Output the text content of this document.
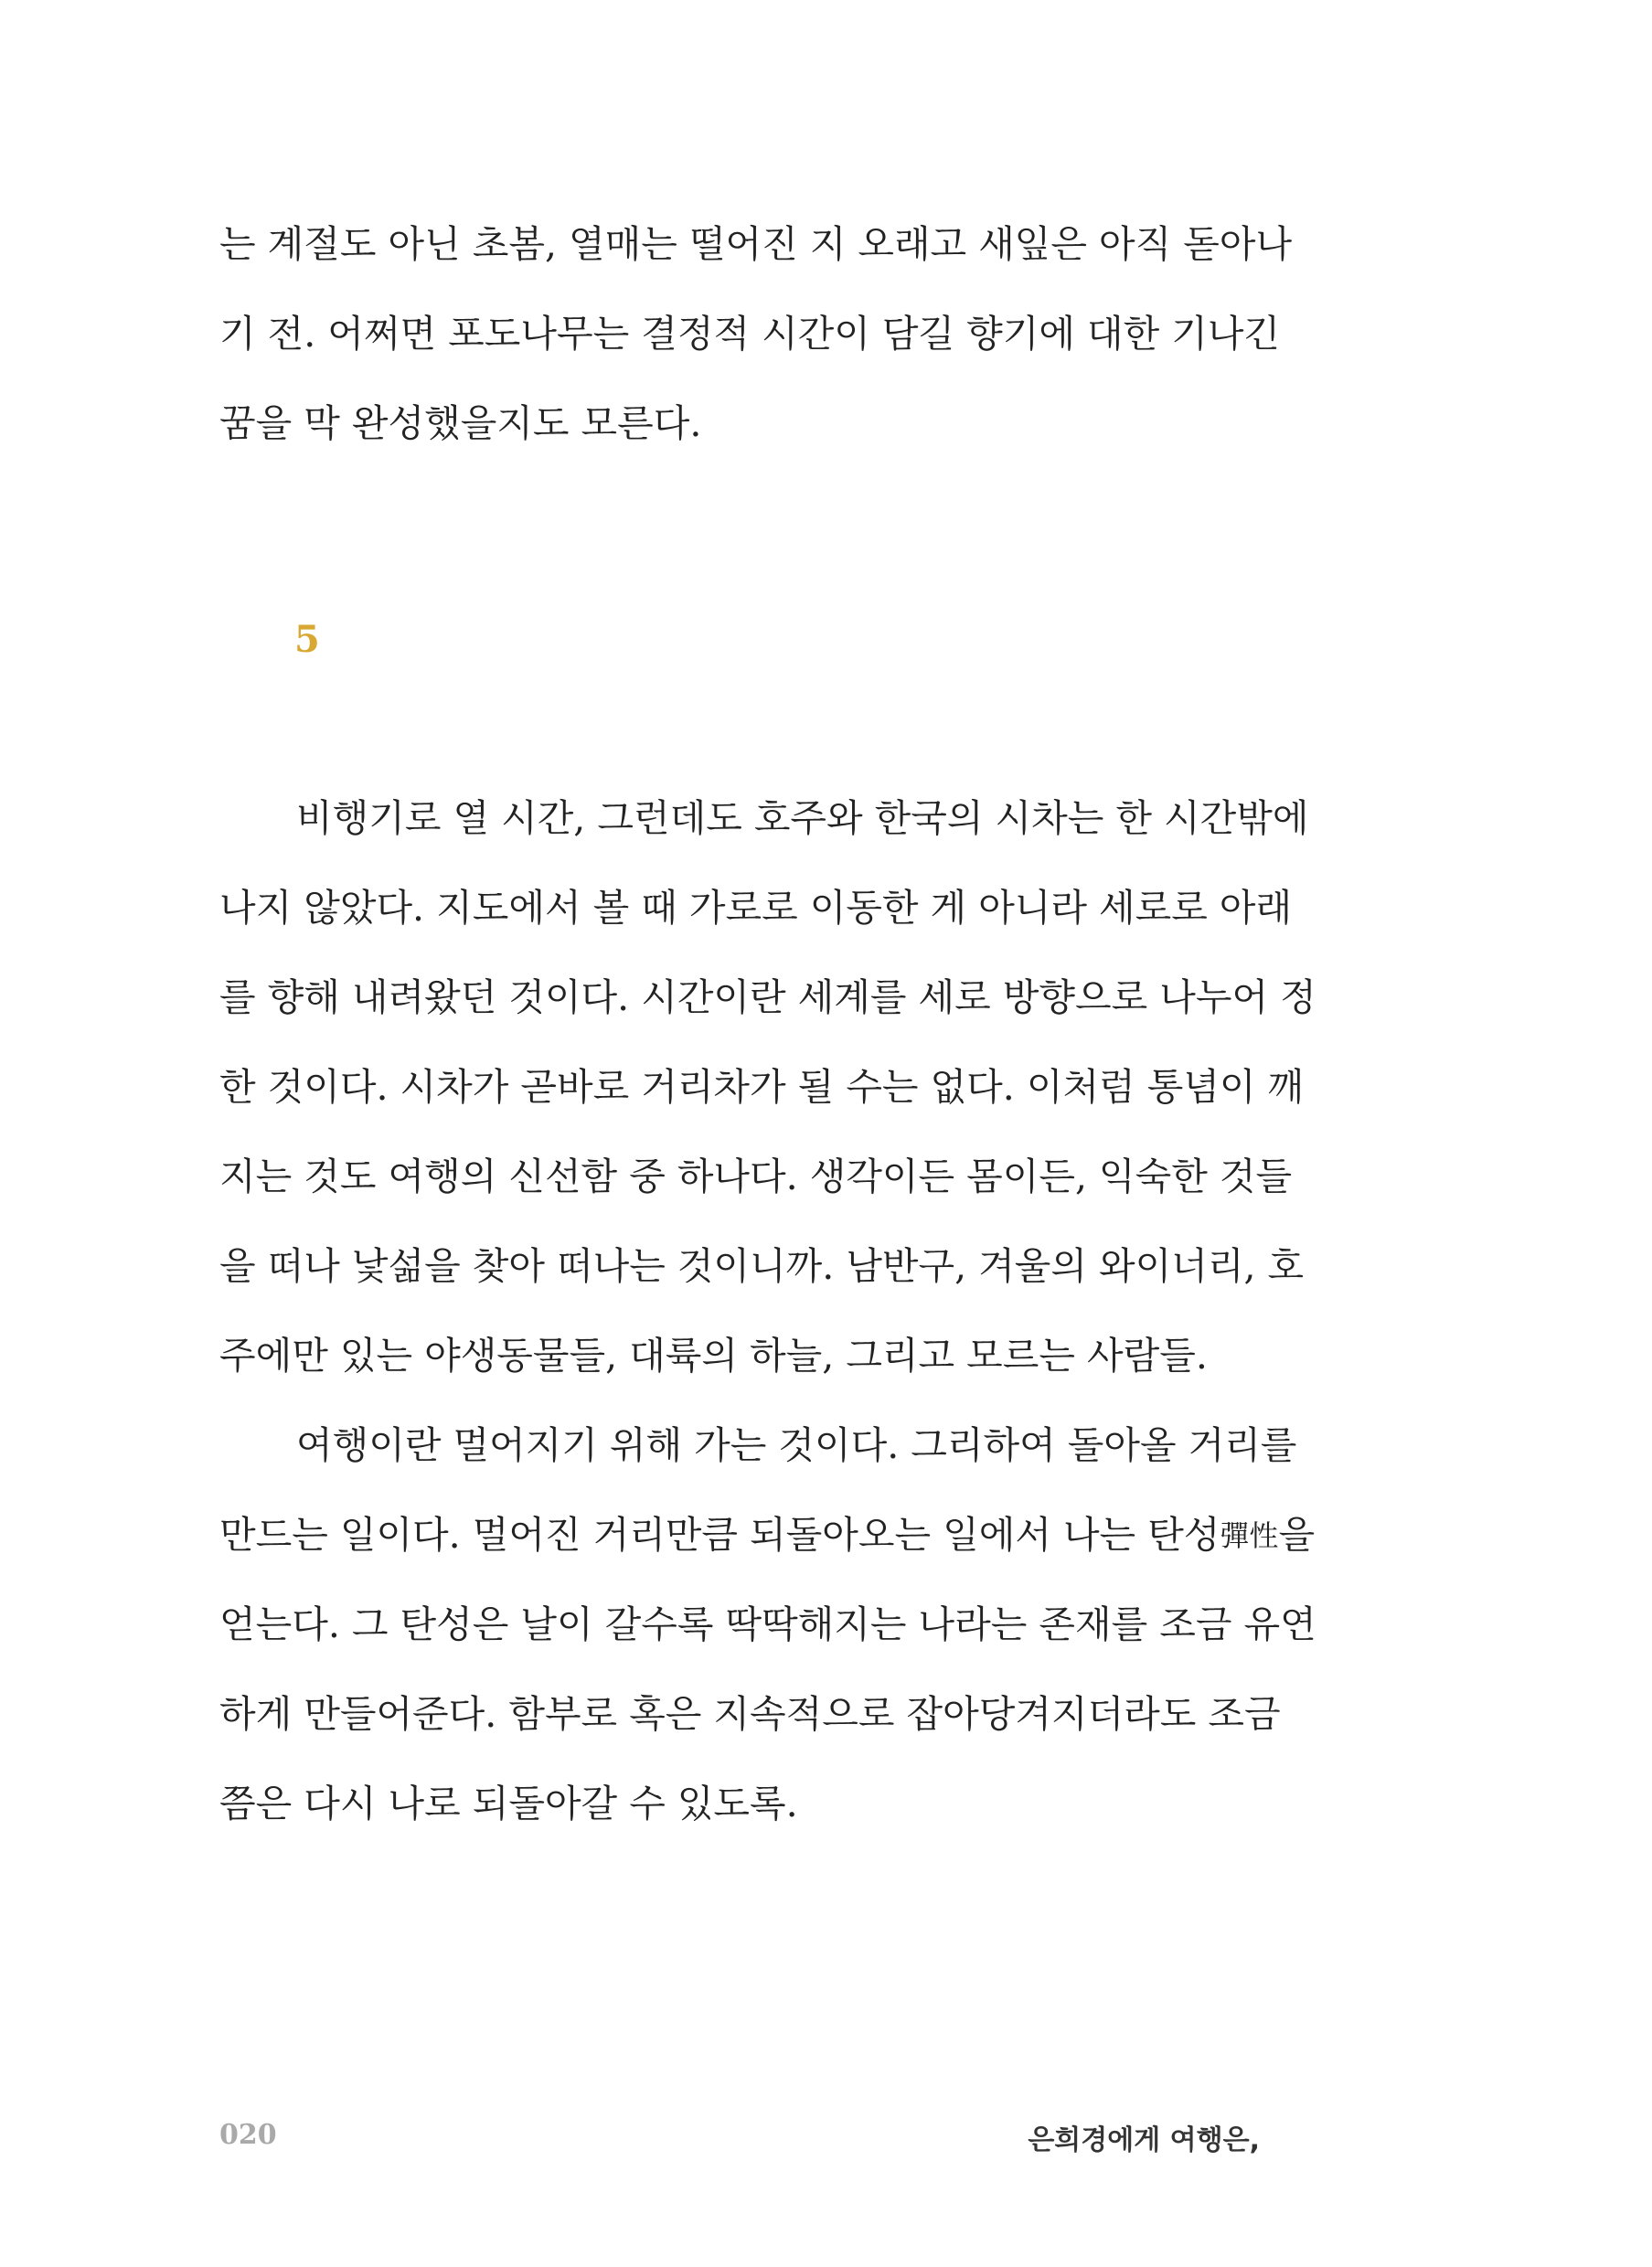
는 계절도 아닌 초봄, 열매는 떨어진 지 오래고 새잎은 아직 돋아나
기 전. 어쩌면 포도나무는 결정적 시간이 담길 향기에 대한 기나긴
꿈을 막 완성했을지도 모른다.
5
비행기로 열 시간, 그런데도 호주와 한국의 시차는 한 시간밖에
나지 않았다. 지도에서 볼 때 가로로 이동한 게 아니라 세로로 아래
를 향해 내려왔던 것이다. 시간이란 세계를 세로 방향으로 나누어 정
한 것이다. 시차가 곧바로 거리차가 될 수는 없다. 이처럼 통념이 깨
지는 것도 여행의 신선함 중 하나다. 생각이든 몸이든, 익숙한 것들
을 떠나 낯섦을 찾아 떠나는 것이니까. 남반구, 겨울의 와이너리, 호
주에만 있는 야생동물들, 대륙의 하늘, 그리고 모르는 사람들.
여행이란 멀어지기 위해 가는 것이다. 그리하여 돌아올 거리를
만드는 일이다. 멀어진 거리만큼 되돌아오는 일에서 나는 탄성彈性을
얻는다. 그 탄성은 날이 갈수록 딱딱해지는 나라는 존재를 조금 유연
하게 만들어준다. 함부로 혹은 지속적으로 잡아당겨지더라도 조금
쯤은 다시 나로 되돌아갈 수 있도록.
020	은희경에게 여행은,
